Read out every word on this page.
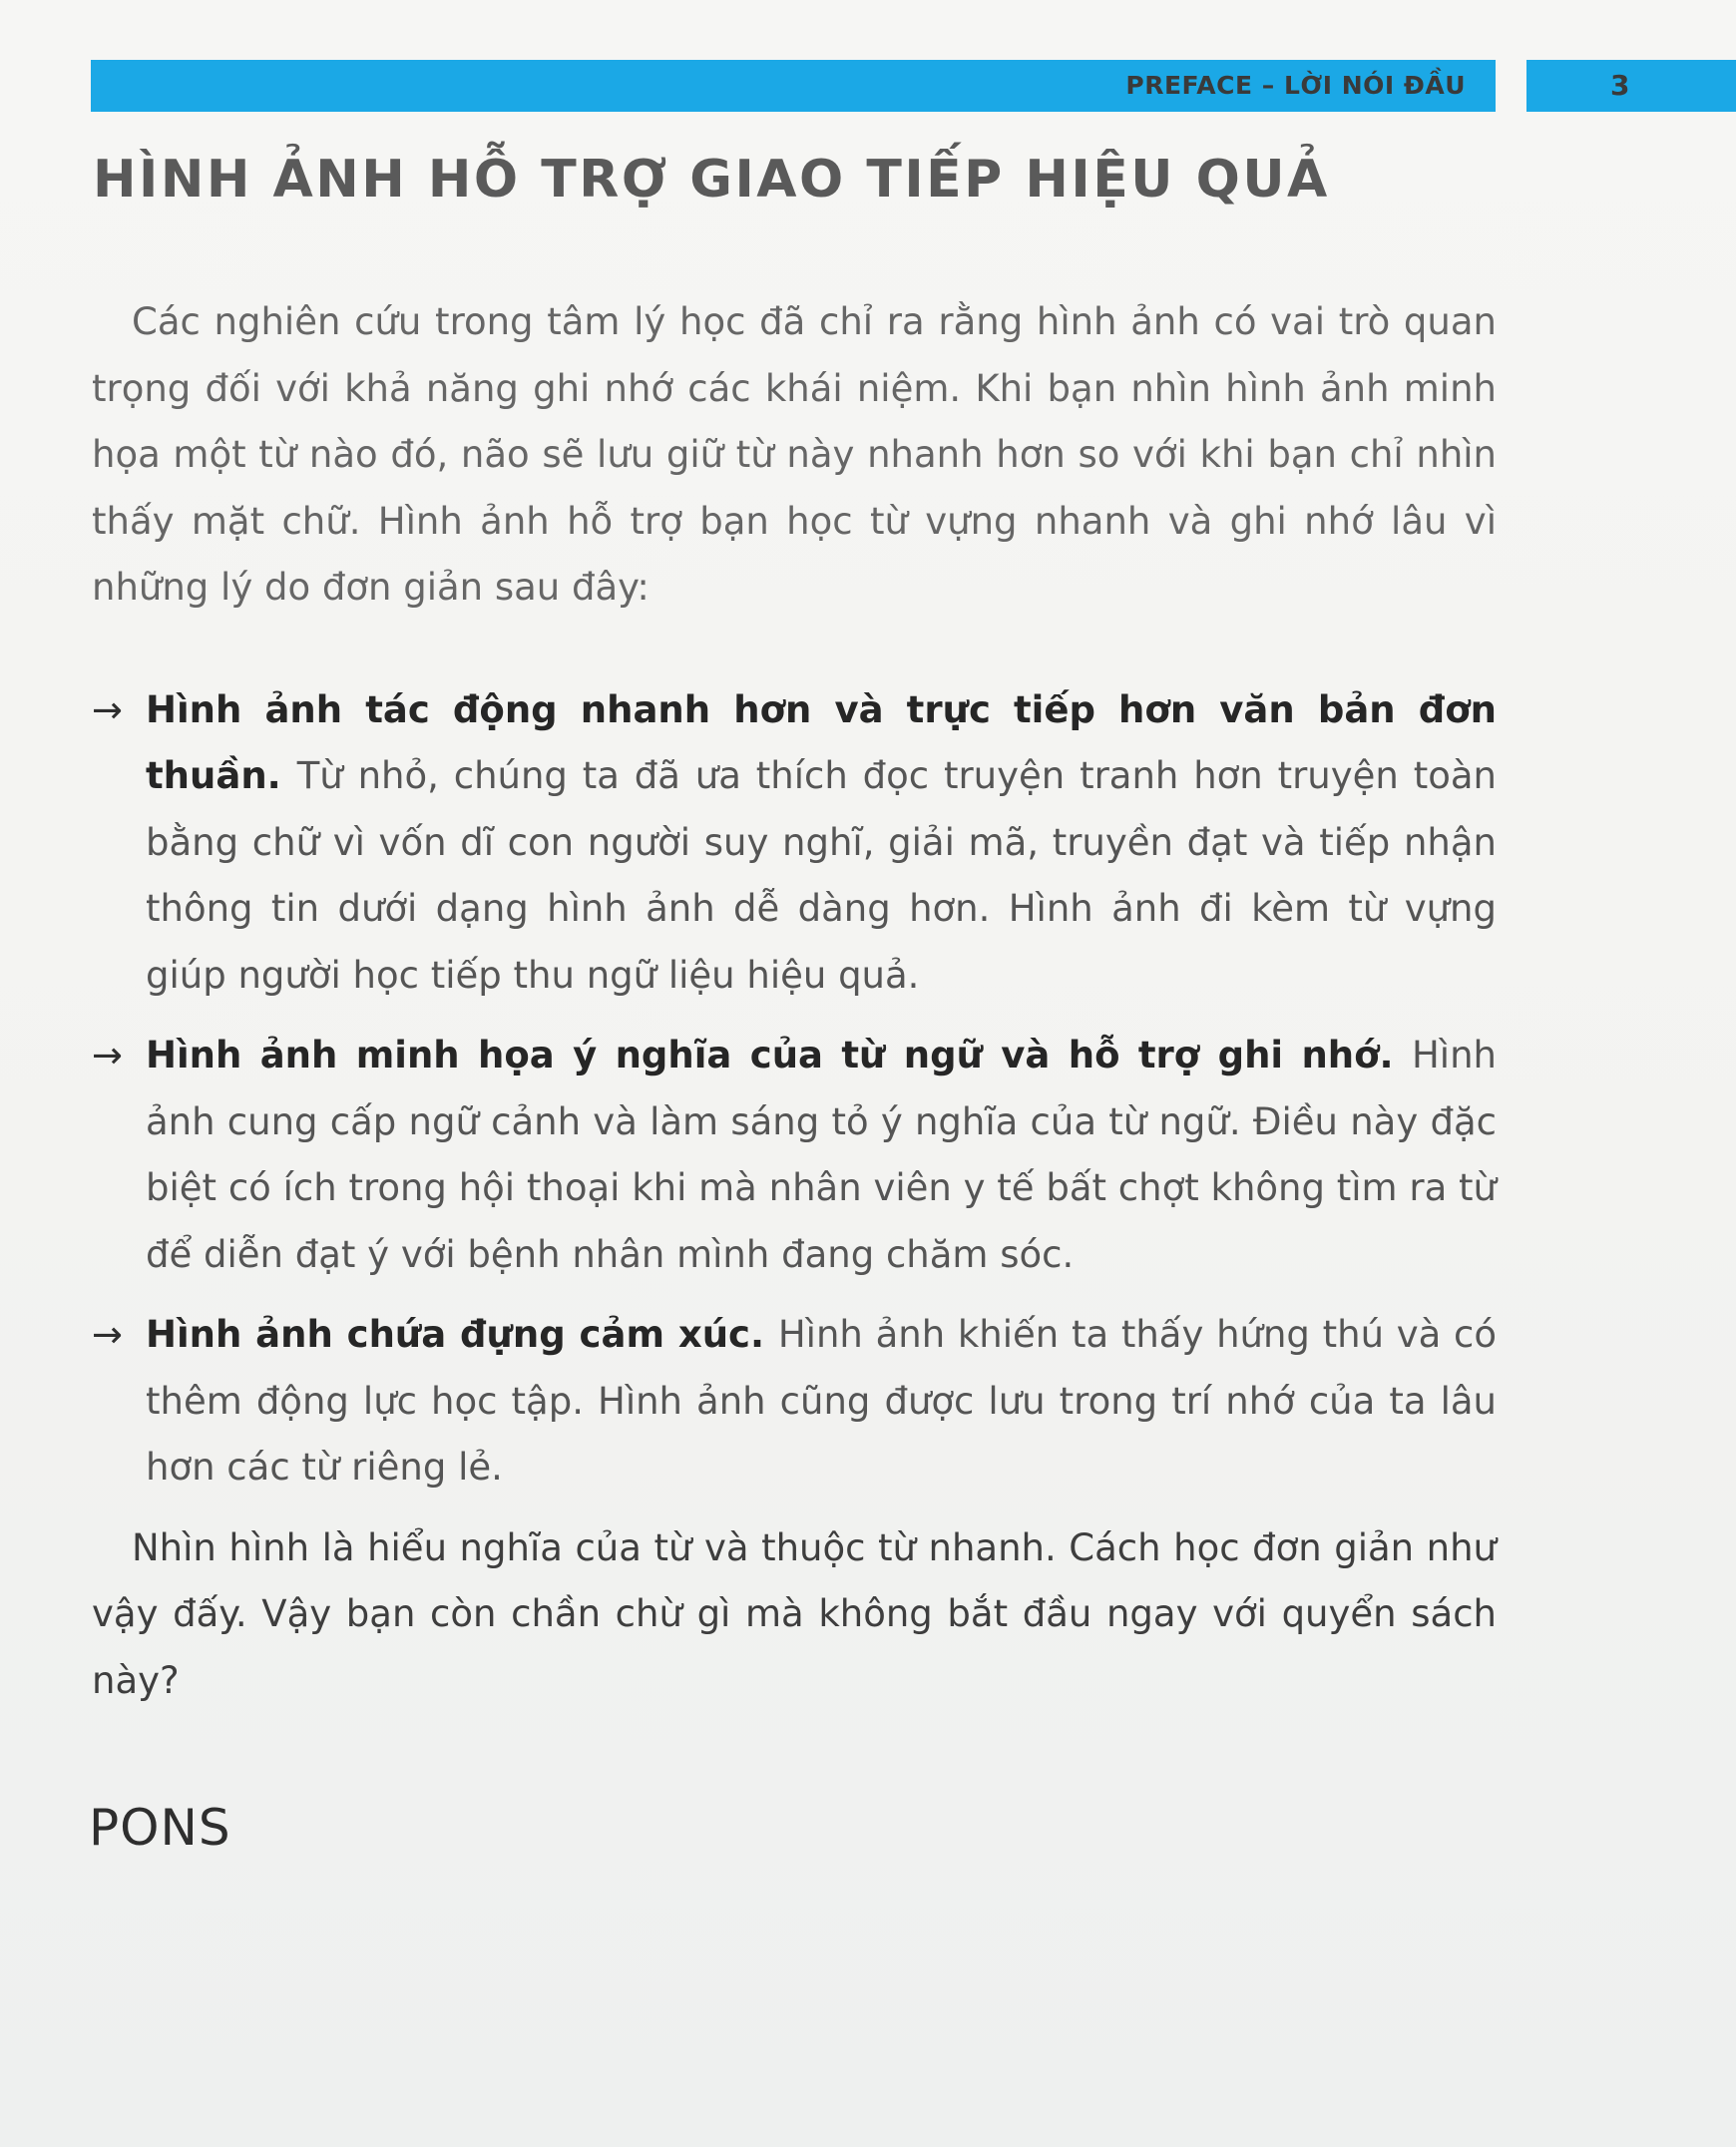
PREFACE – LỜI NÓI ĐẦU	3
HÌNH ẢNH HỖ TRỢ GIAO TIẾP HIỆU QUẢ

Các nghiên cứu trong tâm lý học đã chỉ ra rằng hình ảnh có vai trò quan trọng đối với khả năng ghi nhớ các khái niệm. Khi bạn nhìn hình ảnh minh họa một từ nào đó, não sẽ lưu giữ từ này nhanh hơn so với khi bạn chỉ nhìn thấy mặt chữ. Hình ảnh hỗ trợ bạn học từ vựng nhanh và ghi nhớ lâu vì những lý do đơn giản sau đây:

→ Hình ảnh tác động nhanh hơn và trực tiếp hơn văn bản đơn thuần. Từ nhỏ, chúng ta đã ưa thích đọc truyện tranh hơn truyện toàn bằng chữ vì vốn dĩ con người suy nghĩ, giải mã, truyền đạt và tiếp nhận thông tin dưới dạng hình ảnh dễ dàng hơn. Hình ảnh đi kèm từ vựng giúp người học tiếp thu ngữ liệu hiệu quả.
→ Hình ảnh minh họa ý nghĩa của từ ngữ và hỗ trợ ghi nhớ. Hình ảnh cung cấp ngữ cảnh và làm sáng tỏ ý nghĩa của từ ngữ. Điều này đặc biệt có ích trong hội thoại khi mà nhân viên y tế bất chợt không tìm ra từ để diễn đạt ý với bệnh nhân mình đang chăm sóc.
→ Hình ảnh chứa đựng cảm xúc. Hình ảnh khiến ta thấy hứng thú và có thêm động lực học tập. Hình ảnh cũng được lưu trong trí nhớ của ta lâu hơn các từ riêng lẻ.

Nhìn hình là hiểu nghĩa của từ và thuộc từ nhanh. Cách học đơn giản như vậy đấy. Vậy bạn còn chần chừ gì mà không bắt đầu ngay với quyển sách này?

PONS
